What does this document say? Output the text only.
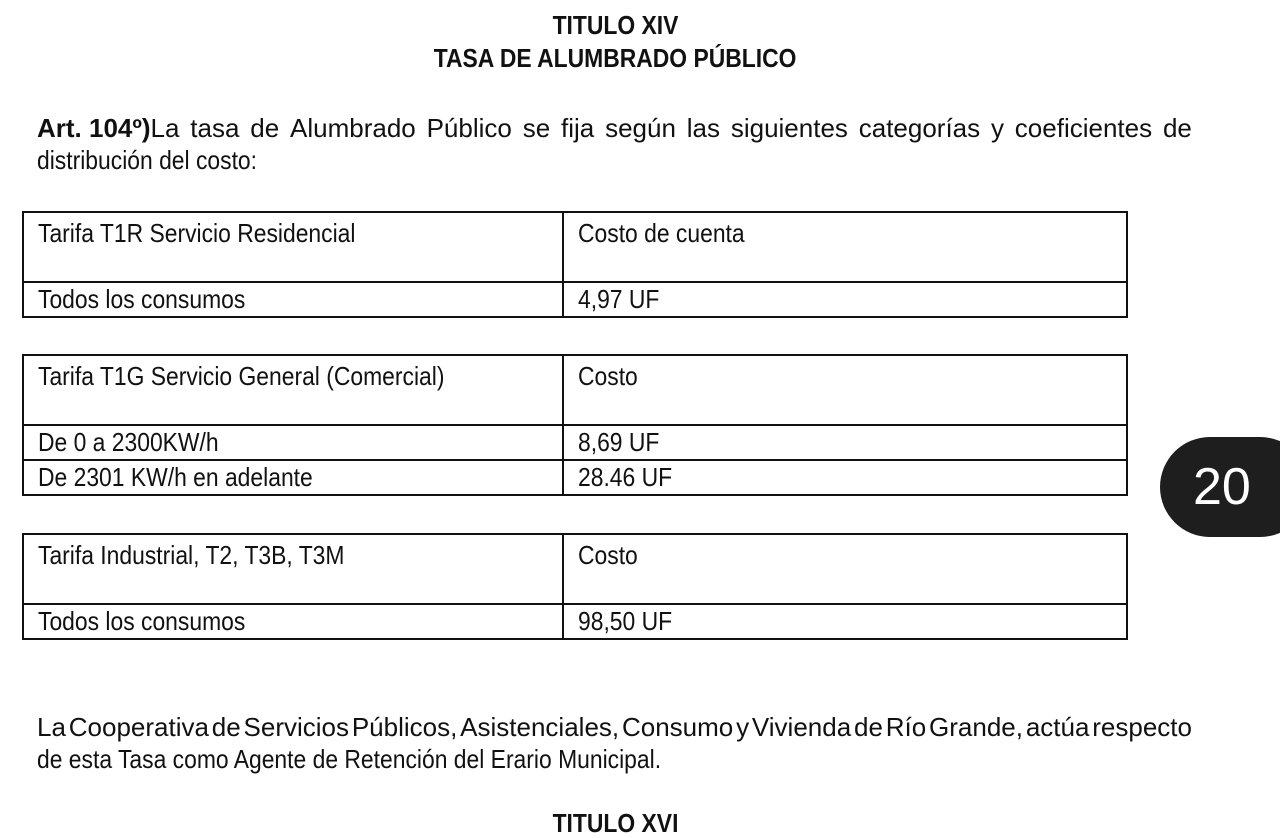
TITULO XIV
TASA DE ALUMBRADO PÚBLICO
Art. 104º)La tasa de Alumbrado Público se fija según las siguientes categorías y coeficientes de
distribución del costo:
Tarifa T1R Servicio Residencial	Costo de cuenta
Todos los consumos	4,97 UF
Tarifa T1G Servicio General (Comercial)	Costo
De 0 a 2300KW/h	8,69 UF
De 2301 KW/h en adelante	28.46 UF
Tarifa Industrial, T2, T3B, T3M	Costo
Todos los consumos	98,50 UF
La Cooperativa de Servicios Públicos, Asistenciales, Consumo y Vivienda de Río Grande, actúa respecto
de esta Tasa como Agente de Retención del Erario Municipal.
20
TITULO XVI
